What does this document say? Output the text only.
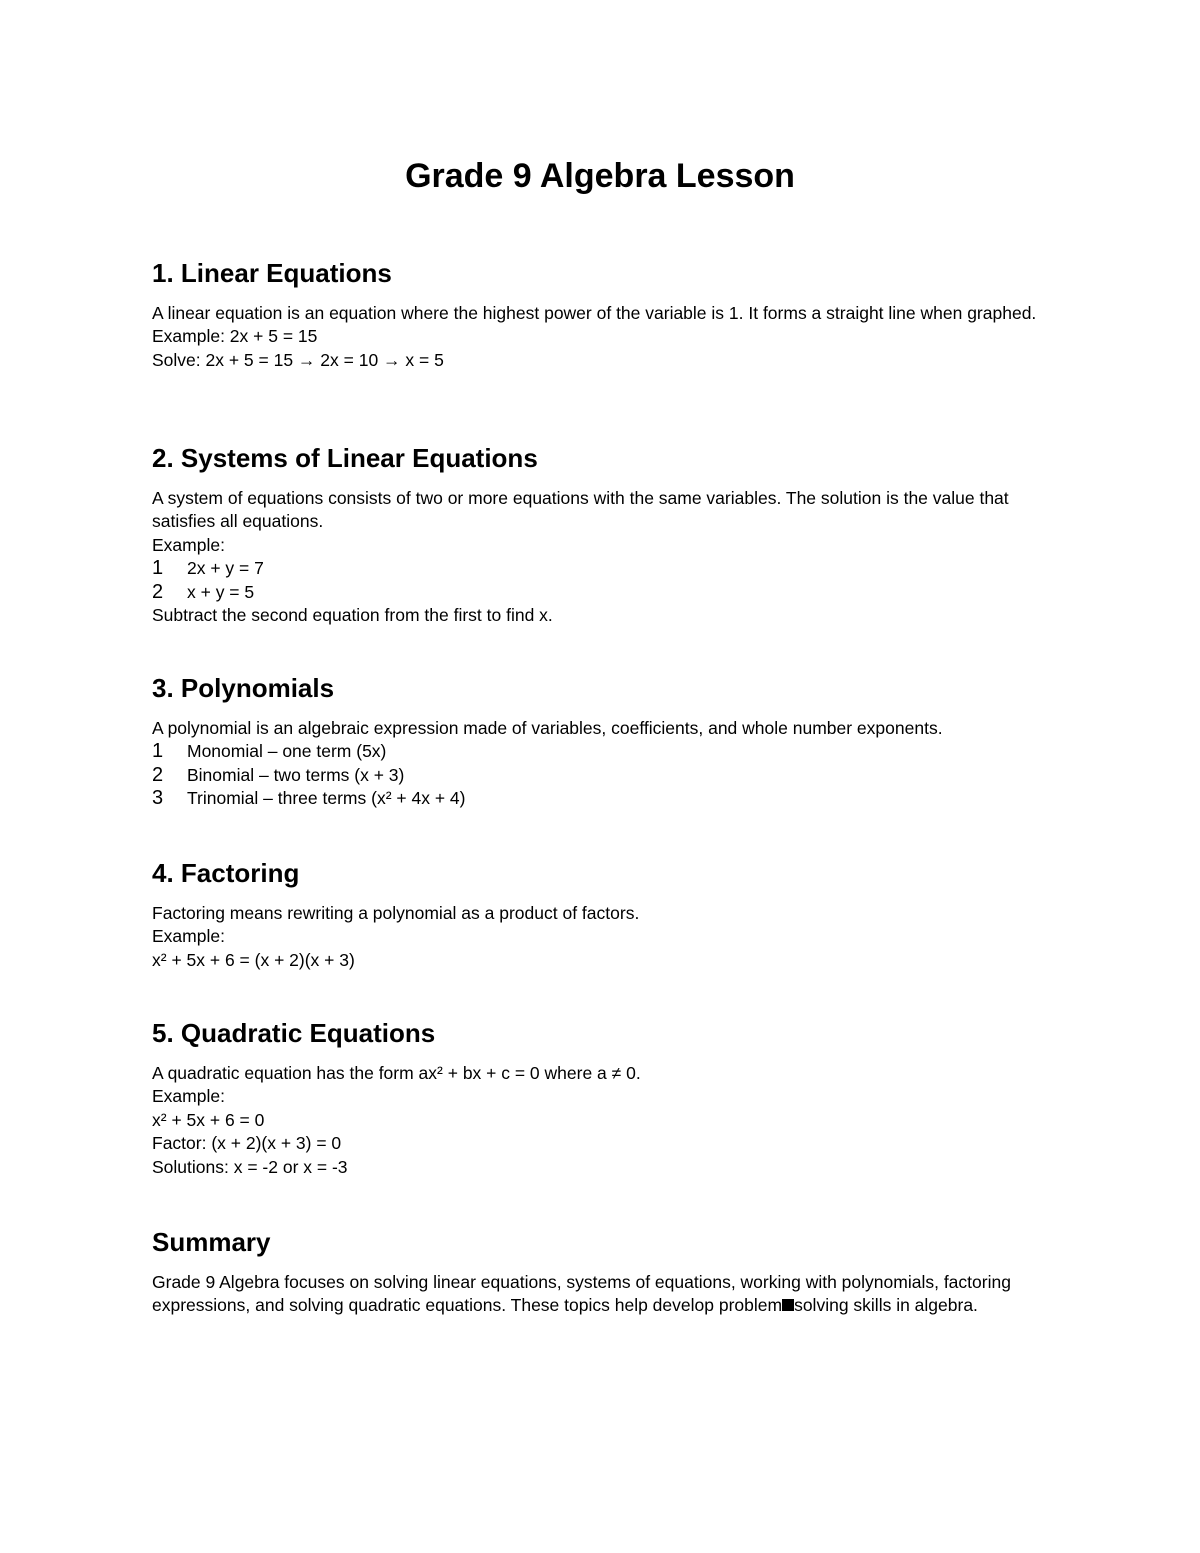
Grade 9 Algebra Lesson
1. Linear Equations

A linear equation is an equation where the highest power of the variable is 1. It forms a straight line when graphed.

Example: 2x + 5 = 15

Solve: 2x + 5 = 15 → 2x = 10 → x = 5

2. Systems of Linear Equations

A system of equations consists of two or more equations with the same variables. The solution is the value that satisfies all equations.

Example:

1	2x + y = 7
2	x + y = 5

Subtract the second equation from the first to find x.

3. Polynomials

A polynomial is an algebraic expression made of variables, coefficients, and whole number exponents.

1	Monomial – one term (5x)
2	Binomial – two terms (x + 3)
3	Trinomial – three terms (x² + 4x + 4)
4. Factoring

Factoring means rewriting a polynomial as a product of factors.

Example:

x² + 5x + 6 = (x + 2)(x + 3)

5. Quadratic Equations

A quadratic equation has the form ax² + bx + c = 0 where a ≠ 0.

Example:

x² + 5x + 6 = 0

Factor: (x + 2)(x + 3) = 0

Solutions: x = -2 or x = -3

Summary

Grade 9 Algebra focuses on solving linear equations, systems of equations, working with polynomials, factoring expressions, and solving quadratic equations. These topics help develop problem solving skills in algebra.
